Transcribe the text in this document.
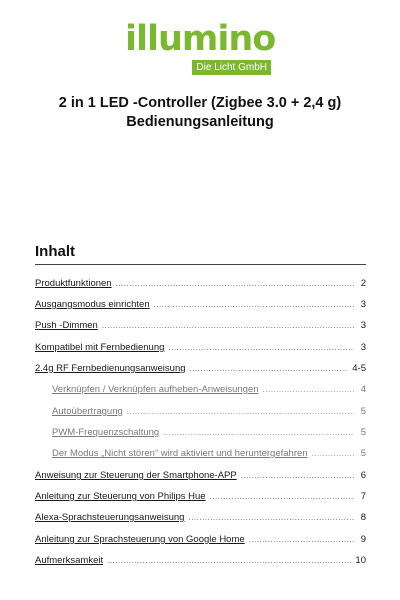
illumino
Die Licht GmbH
2 in 1 LED -Controller (Zigbee 3.0 + 2,4 g)
Bedienungsanleitung
Inhalt
Produktfunktionen .....	2
Ausgangsmodus einrichten .....	3
Push -Dimmen .....	3
Kompatibel mit Fernbedienung .....	3
2.4g RF Fernbedienungsanweisung .....	4-5
Verknüpfen / Verknüpfen aufheben-Anweisungen .....	4
Autoübertragung .....	5
PWM-Frequenzschaltung .....	5
Der Modus „Nicht stören“ wird aktiviert und heruntergefahren .....	5
Anweisung zur Steuerung der Smartphone-APP .....	6
Anleitung zur Steuerung von Philips Hue .....	7
Alexa-Sprachsteuerungsanweisung .....	8
Anleitung zur Sprachsteuerung von Google Home .....	9
Aufmerksamkeit .....	10
